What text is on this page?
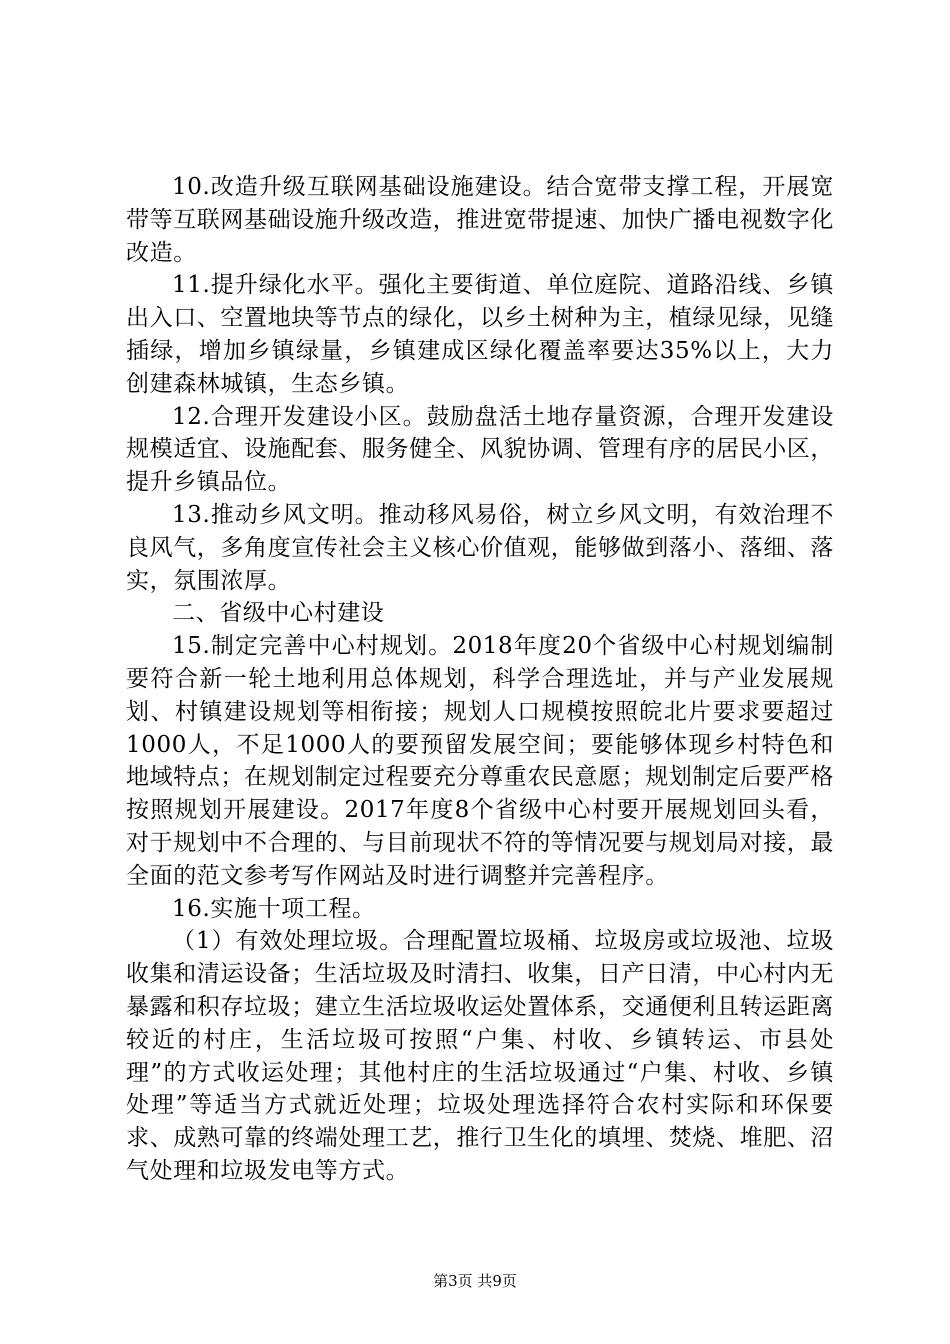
10.改造升级互联网基础设施建设。结合宽带支撑工程，开展宽带等互联网基础设施升级改造，推进宽带提速、加快广播电视数字化改造。

11.提升绿化水平。强化主要街道、单位庭院、道路沿线、乡镇出入口、空置地块等节点的绿化，以乡土树种为主，植绿见绿，见缝插绿，增加乡镇绿量，乡镇建成区绿化覆盖率要达35%以上，大力创建森林城镇，生态乡镇。

12.合理开发建设小区。鼓励盘活土地存量资源，合理开发建设规模适宜、设施配套、服务健全、风貌协调、管理有序的居民小区，提升乡镇品位。

13.推动乡风文明。推动移风易俗，树立乡风文明，有效治理不良风气，多角度宣传社会主义核心价值观，能够做到落小、落细、落实，氛围浓厚。

二、省级中心村建设

15.制定完善中心村规划。2018年度20个省级中心村规划编制要符合新一轮土地利用总体规划，科学合理选址，并与产业发展规划、村镇建设规划等相衔接；规划人口规模按照皖北片要求要超过1000人，不足1000人的要预留发展空间；要能够体现乡村特色和地域特点；在规划制定过程要充分尊重农民意愿；规划制定后要严格按照规划开展建设。2017年度8个省级中心村要开展规划回头看，对于规划中不合理的、与目前现状不符的等情况要与规划局对接，最全面的范文参考写作网站及时进行调整并完善程序。

16.实施十项工程。

（1）有效处理垃圾。合理配置垃圾桶、垃圾房或垃圾池、垃圾收集和清运设备；生活垃圾及时清扫、收集，日产日清，中心村内无暴露和积存垃圾；建立生活垃圾收运处置体系，交通便利且转运距离较近的村庄，生活垃圾可按照“户集、村收、乡镇转运、市县处理”的方式收运处理；其他村庄的生活垃圾通过“户集、村收、乡镇处理”等适当方式就近处理；垃圾处理选择符合农村实际和环保要求、成熟可靠的终端处理工艺，推行卫生化的填埋、焚烧、堆肥、沼气处理和垃圾发电等方式。

第3页 共9页
